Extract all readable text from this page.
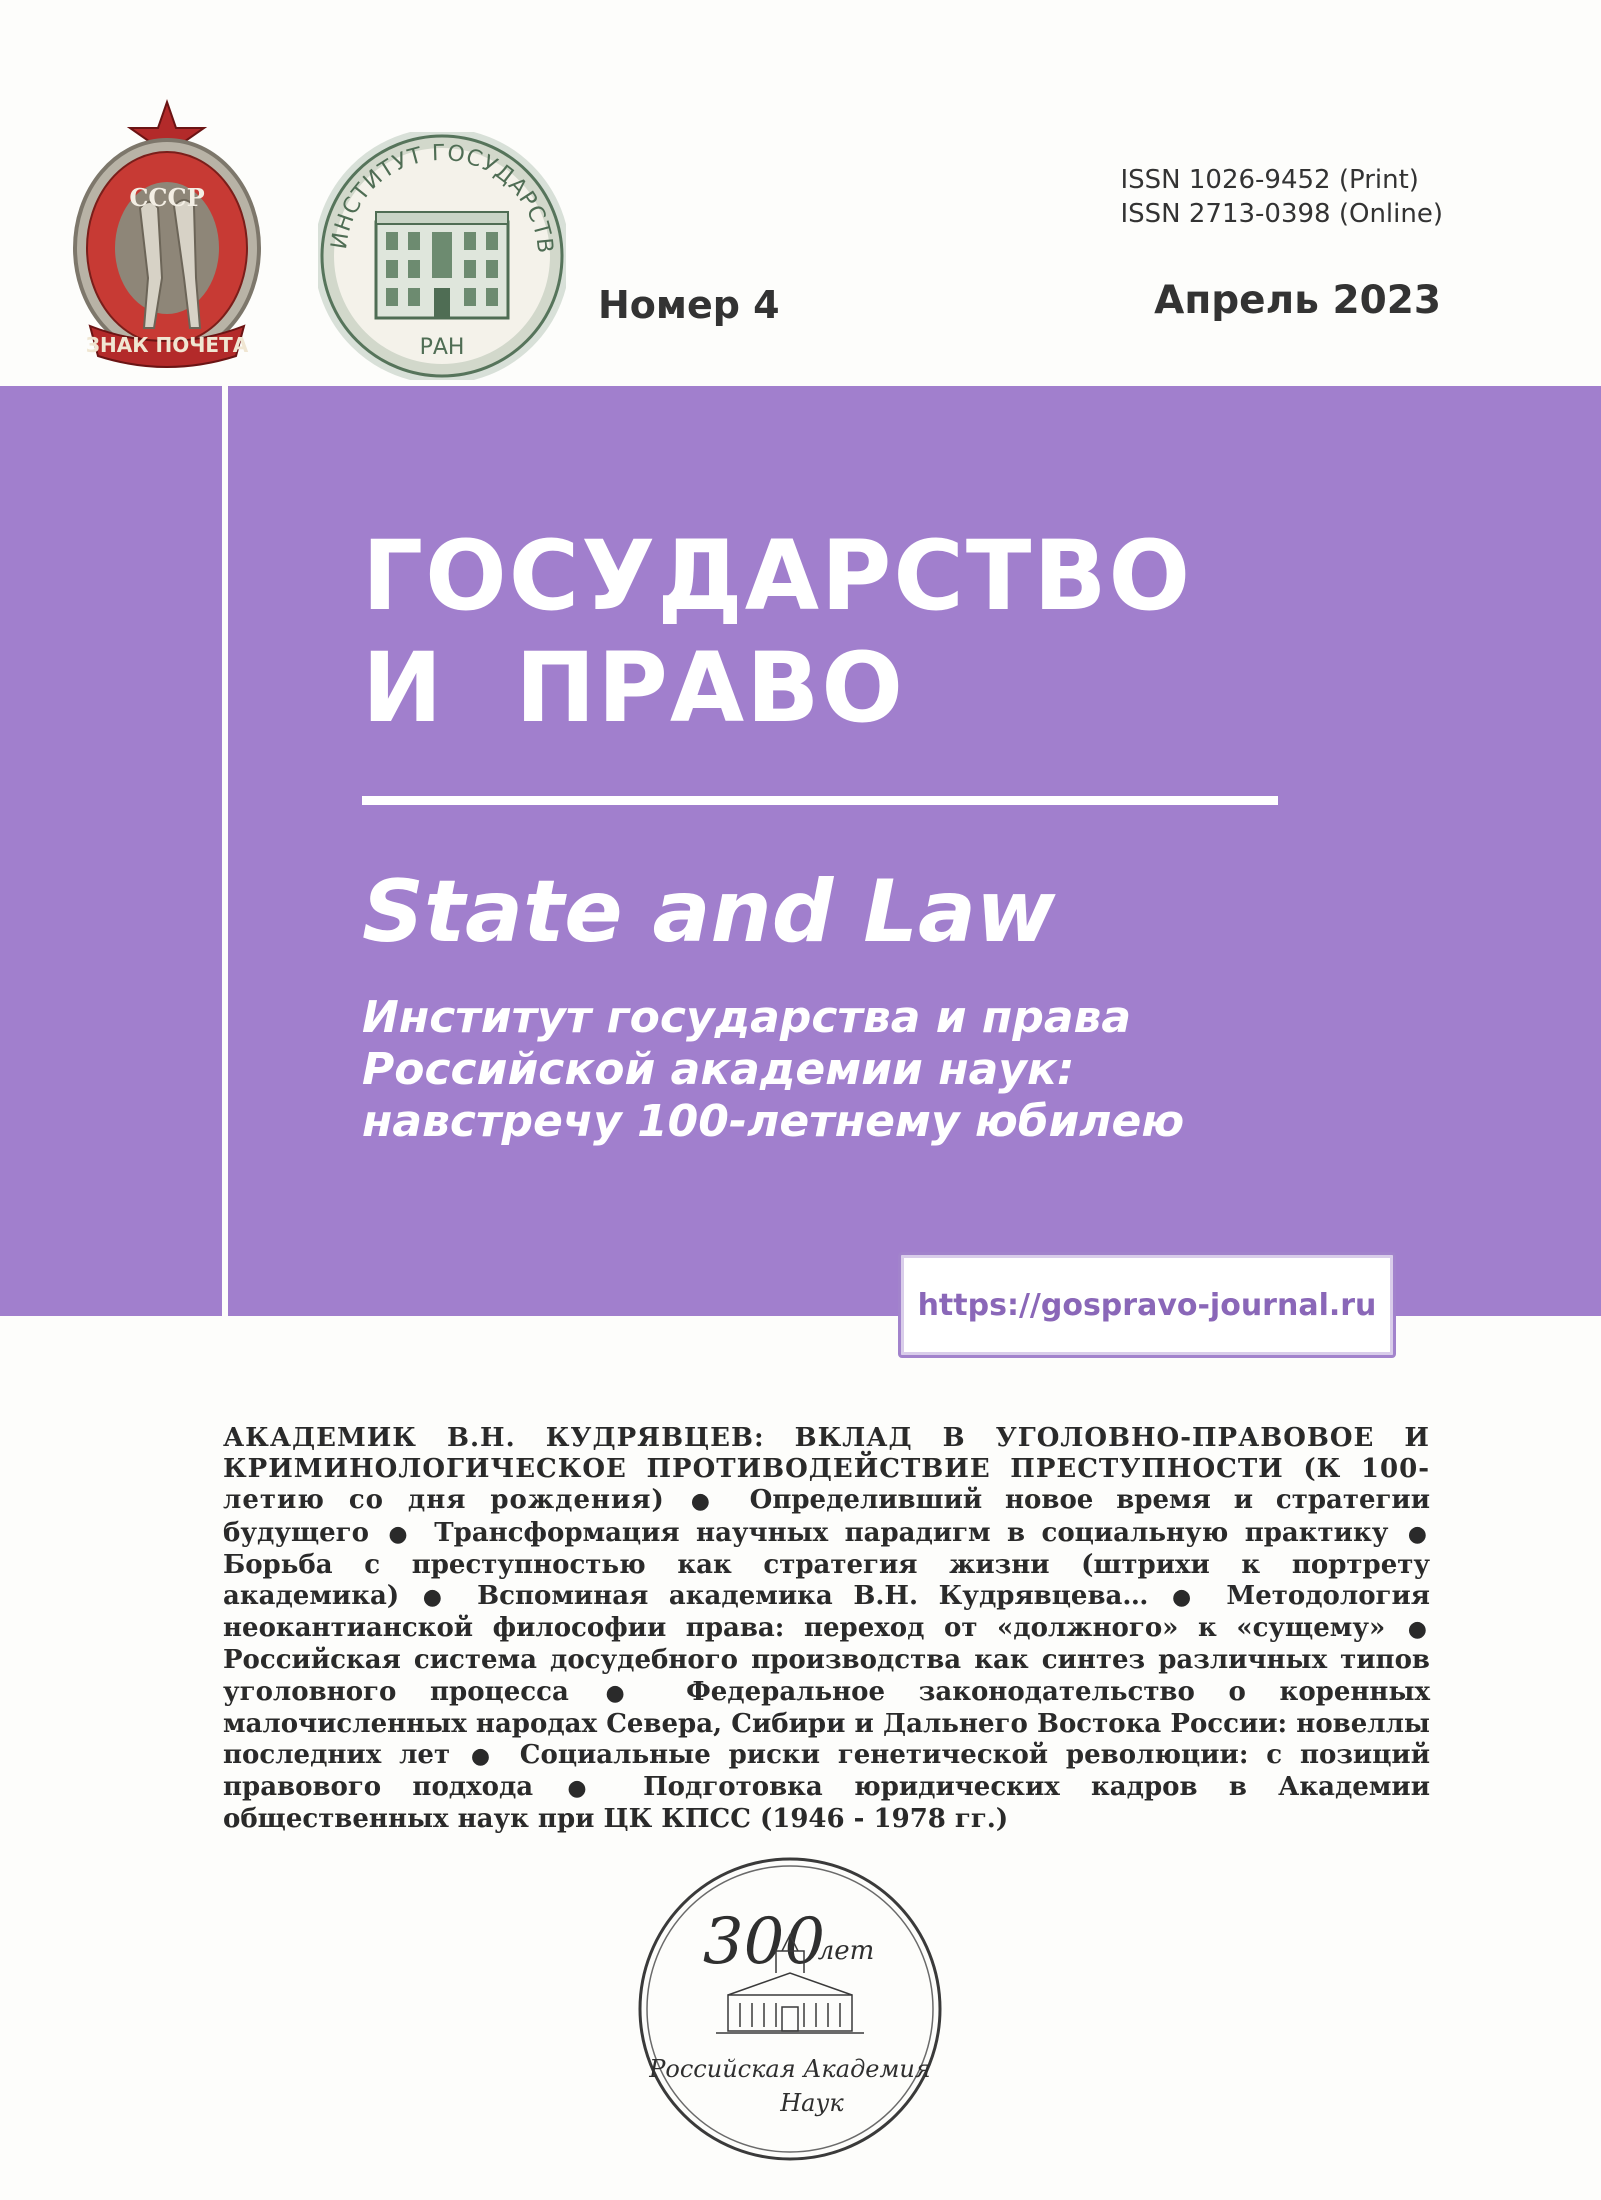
СССР
ЗНАК ПОЧЕТА
ИНСТИТУТ ГОСУДАРСТВ
РАН
ISSN 1026-9452 (Print)
ISSN 2713-0398 (Online)
Номер 4	Апрель 2023
ГОСУДАРСТВО
И  ПРАВО
State and Law
Институт государства и права
Российской академии наук:
навстречу 100-летнему юбилею
https://gospravo-journal.ru
АКАДЕМИК В.Н. КУДРЯВЦЕВ: ВКЛАД В УГОЛОВНО-ПРАВОВОЕ И КРИМИНОЛОГИЧЕСКОЕ ПРОТИВОДЕЙСТВИЕ ПРЕСТУПНОСТИ (К 100-летию со дня рождения) ● Определивший новое время и стратегии будущего ● Трансформация научных парадигм в социальную практику ● Борьба с преступностью как стратегия жизни (штрихи к портрету академика) ● Вспоминая академика В.Н. Кудрявцева… ● Методология неокантианской философии права: переход от «должного» к «сущему» ● Российская система досудебного производства как синтез различных типов уголовного процесса ● Федеральное законодательство о коренных малочисленных народах Севера, Сибири и Дальнего Востока России: новеллы последних лет ● Социальные риски генетической революции: с позиций правового подхода ● Подготовка юридических кадров в Академии общественных наук при ЦК КПСС (1946 - 1978 гг.)
300
лет
Российская Академия
Наук
